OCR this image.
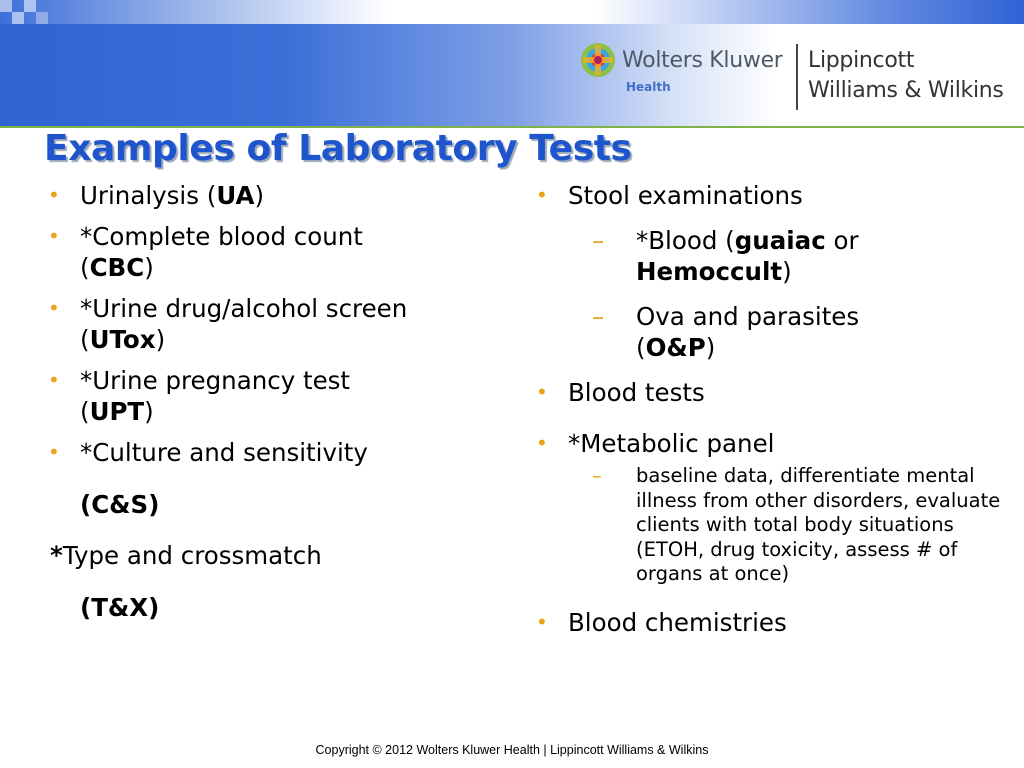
Wolters Kluwer
Health
Lippincott
Williams & Wilkins
Examples of Laboratory Tests
• Urinalysis (UA)
• *Complete blood count
(CBC)
• *Urine drug/alcohol screen
(UTox)
• *Urine pregnancy test
(UPT)
• *Culture and sensitivity
(C&S)
*Type and crossmatch
(T&X)
• Stool examinations
– *Blood (guaiac or
Hemoccult)
– Ova and parasites
(O&P)
• Blood tests
• *Metabolic panel
– baseline data, differentiate mental illness from other disorders, evaluate clients with total body situations (ETOH, drug toxicity, assess # of organs at once)
• Blood chemistries
Copyright © 2012 Wolters Kluwer Health | Lippincott Williams & Wilkins
